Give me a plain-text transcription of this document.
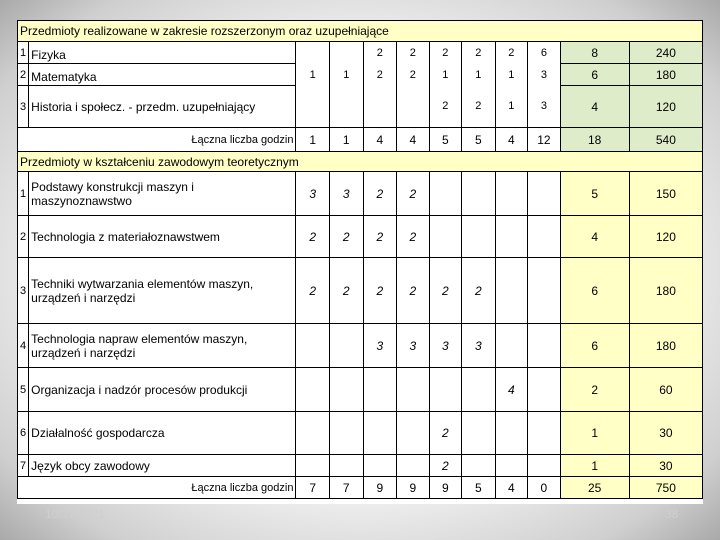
Przedmioty realizowane w zakresie rozszerzonym oraz uzupełniające											
1	Fizyka			2	2	2	2	2	6	8	240
2	Matematyka	1	1	2	2	1	1	1	3	6	180
3	Historia i społecz. - przedm. uzupełniający					2	2	1	3	4	120
Łączna liczba godzin		1	1	4	4	5	5	4	12	18	540
Przedmioty w kształceniu zawodowym teoretycznym											
1	Podstawy konstrukcji maszyn i maszynoznawstwo	3	3	2	2					5	150
2	Technologia z materiałoznawstwem	2	2	2	2					4	120
3	Techniki wytwarzania elementów maszyn, urządzeń i narzędzi	2	2	2	2	2	2			6	180
4	Technologia napraw elementów maszyn, urządzeń i narzędzi			3	3	3	3			6	180
5	Organizacja i nadzór procesów produkcji							4		2	60
6	Działalność gospodarcza					2				1	30
7	Język obcy zawodowy					2				1	30
Łączna liczba godzin		7	7	9	9	9	5	4	0	25	750
10/27/2021	38
